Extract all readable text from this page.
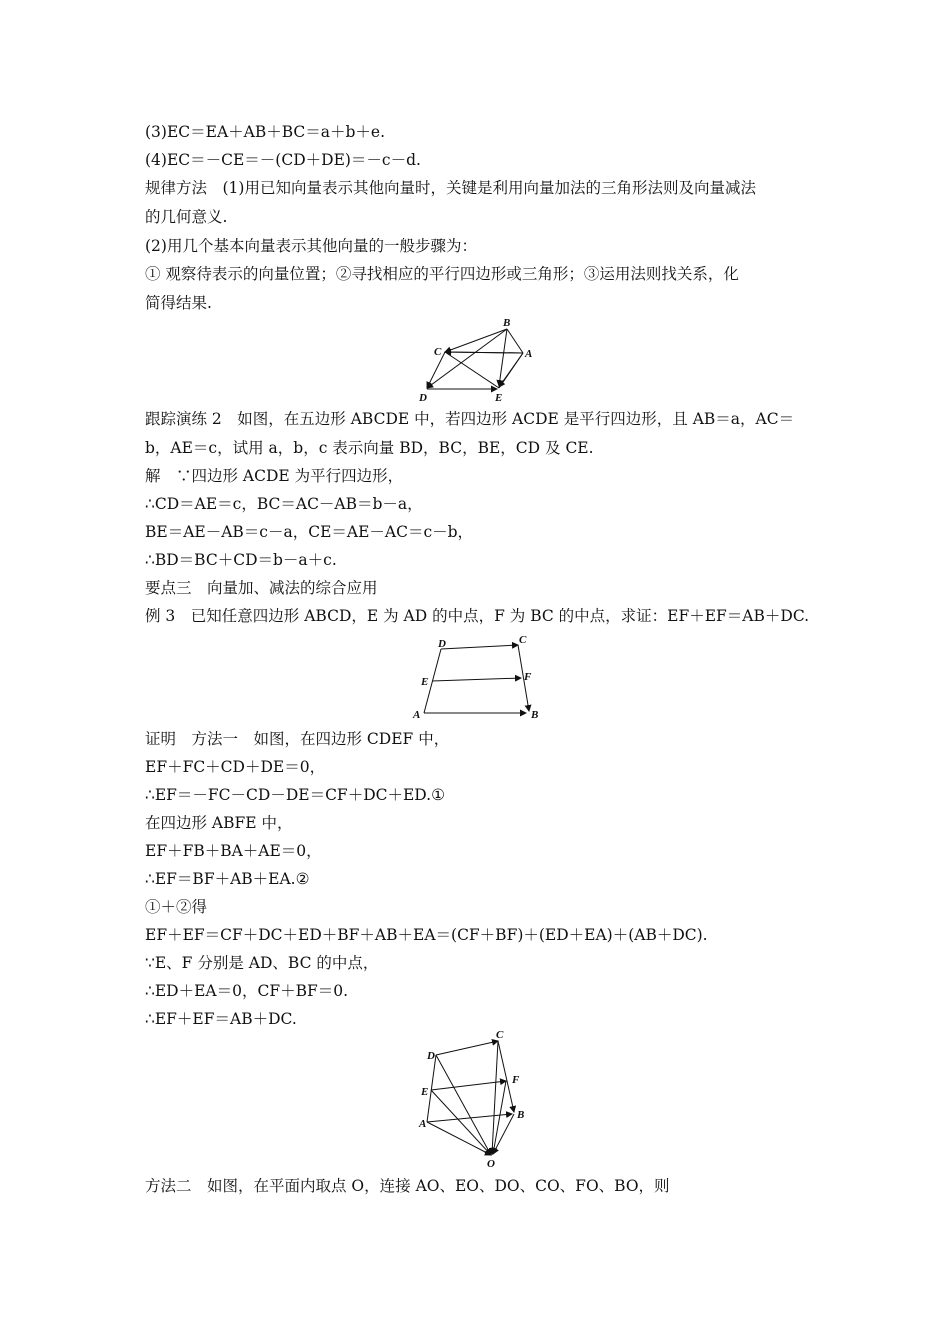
(3)EC＝EA＋AB＋BC＝a＋b＋e.
(4)EC＝－CE＝－(CD＋DE)＝－c－d.
规律方法　(1)用已知向量表示其他向量时，关键是利用向量加法的三角形法则及向量减法
的几何意义.
(2)用几个基本向量表示其他向量的一般步骤为：
① 观察待表示的向量位置；②寻找相应的平行四边形或三角形；③运用法则找关系，化
简得结果.
B
C	A
D	E
跟踪演练 2　如图，在五边形 ABCDE 中，若四边形 ACDE 是平行四边形，且 AB＝a，AC＝
b，AE＝c，试用 a，b，c 表示向量 BD，BC，BE，CD 及 CE.
解　∵四边形 ACDE 为平行四边形，
∴CD＝AE＝c，BC＝AC－AB＝b－a，
BE＝AE－AB＝c－a，CE＝AE－AC＝c－b，
∴BD＝BC＋CD＝b－a＋c.
要点三　向量加、减法的综合应用
例 3　已知任意四边形 ABCD，E 为 AD 的中点，F 为 BC 的中点，求证：EF＋EF＝AB＋DC.
D	C
E	F
A	B
证明　方法一　如图，在四边形 CDEF 中，
EF＋FC＋CD＋DE＝0，
∴EF＝－FC－CD－DE＝CF＋DC＋ED.①
在四边形 ABFE 中，
EF＋FB＋BA＋AE＝0，
∴EF＝BF＋AB＋EA.②
①＋②得
EF＋EF＝CF＋DC＋ED＋BF＋AB＋EA＝(CF＋BF)＋(ED＋EA)＋(AB＋DC).
∵E、F 分别是 AD、BC 的中点，
∴ED＋EA＝0，CF＋BF＝0.
∴EF＋EF＝AB＋DC.
C
D
F
E
B
A
O
方法二　如图，在平面内取点 O，连接 AO、EO、DO、CO、FO、BO，则
